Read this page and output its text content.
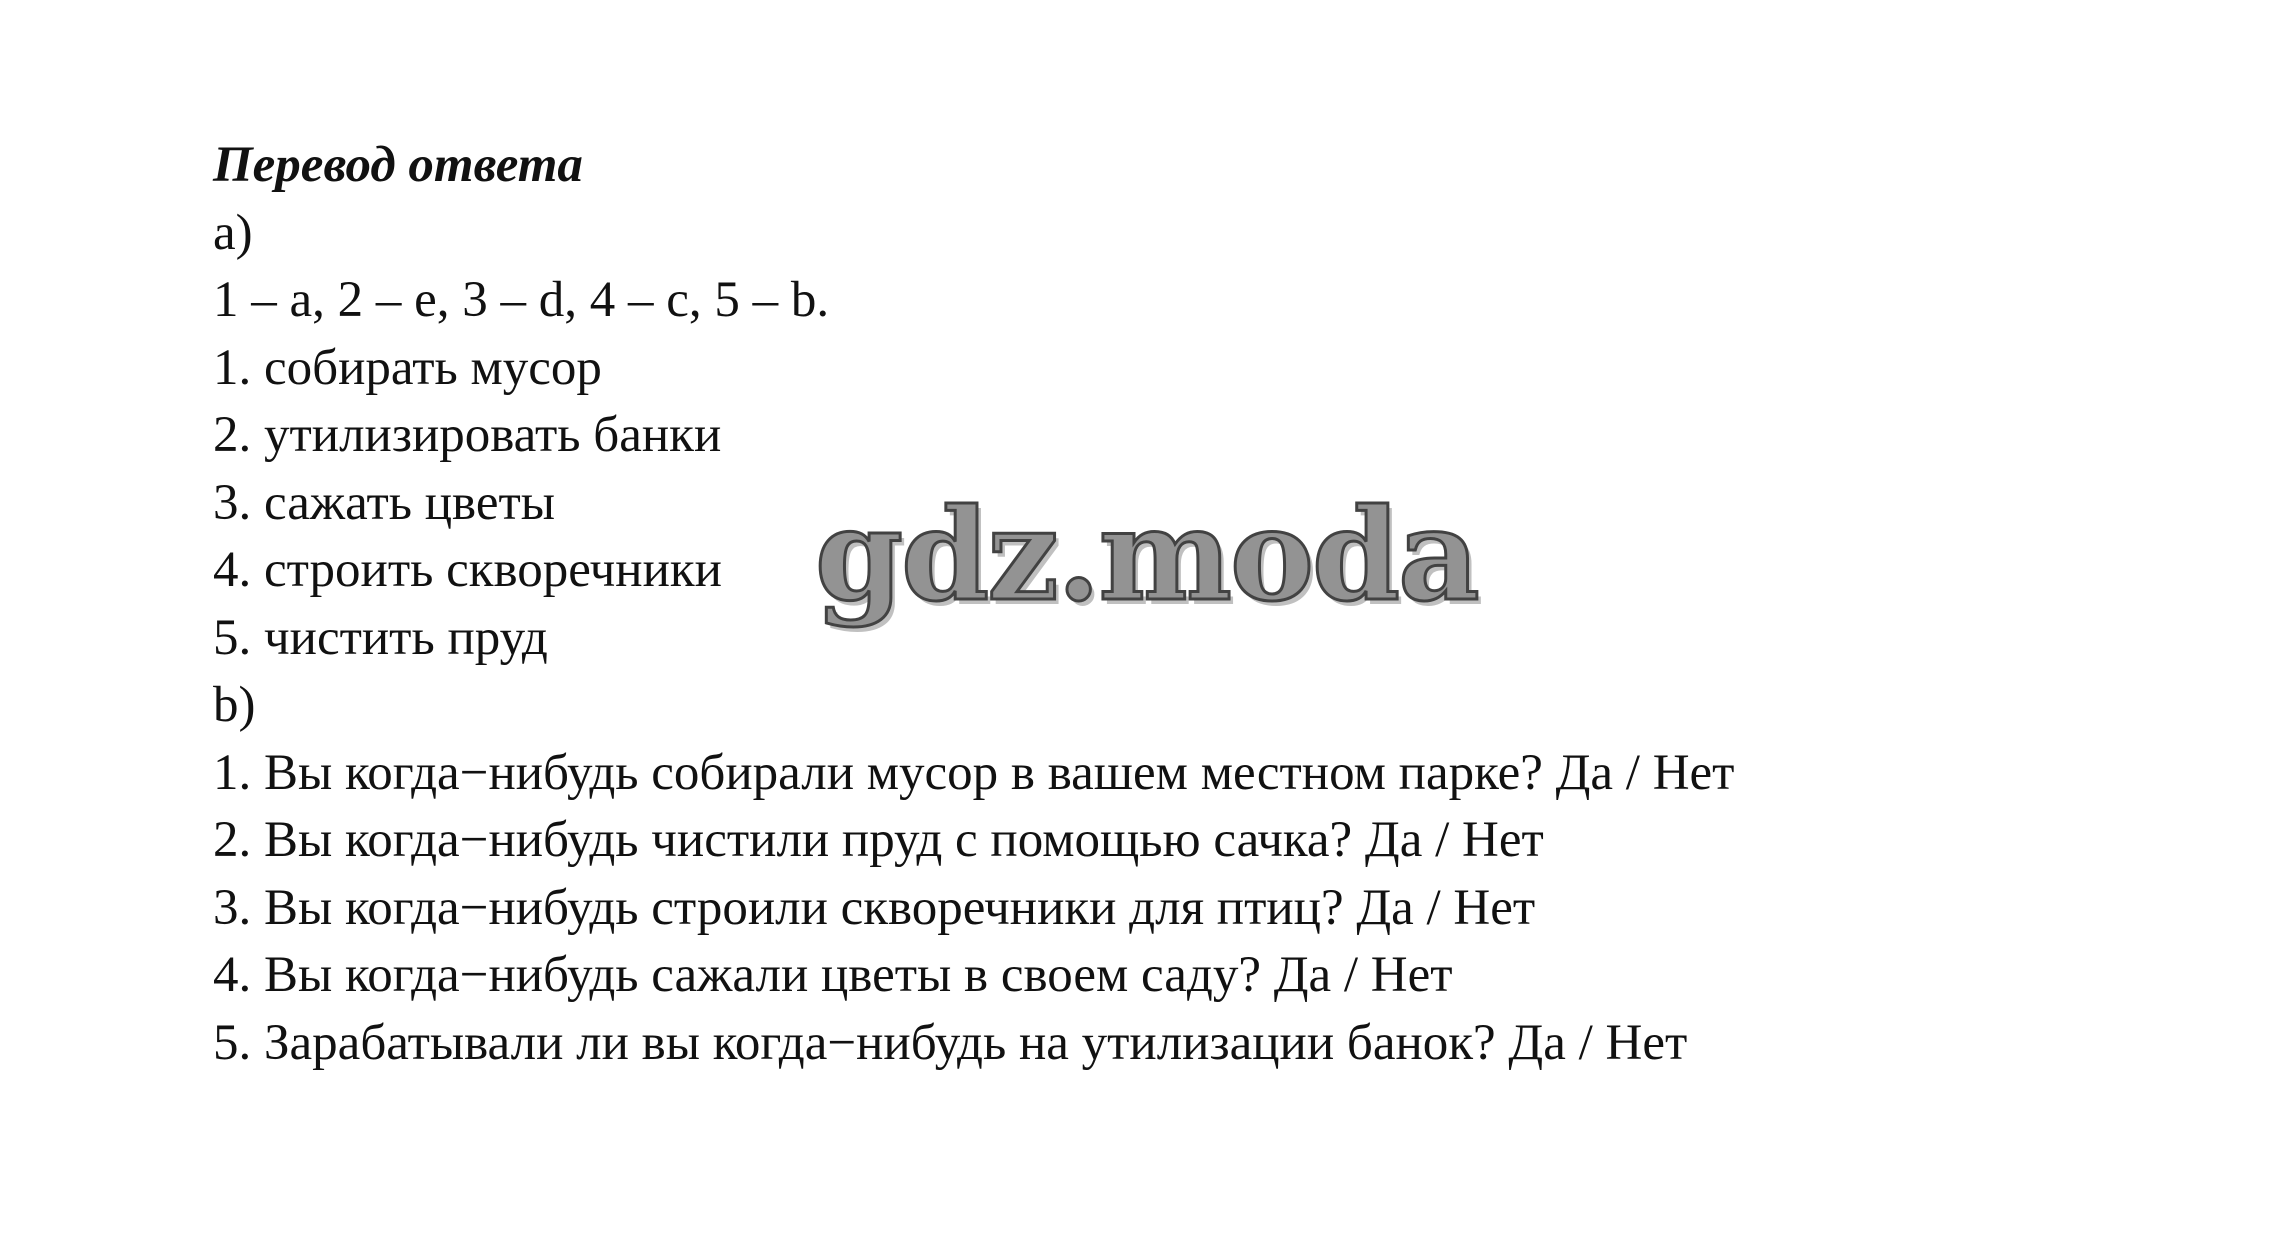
Перевод ответа
a)
1 – a, 2 – e, 3 – d, 4 – c, 5 – b.
1. собирать мусор
2. утилизировать банки
3. сажать цветы
4. строить скворечники
5. чистить пруд
b)
1. Вы когда−нибудь собирали мусор в вашем местном парке? Да / Нет
2. Вы когда−нибудь чистили пруд с помощью сачка? Да / Нет
3. Вы когда−нибудь строили скворечники для птиц? Да / Нет
4. Вы когда−нибудь сажали цветы в своем саду? Да / Нет
5. Зарабатывали ли вы когда−нибудь на утилизации банок? Да / Нет
gdz.moda
